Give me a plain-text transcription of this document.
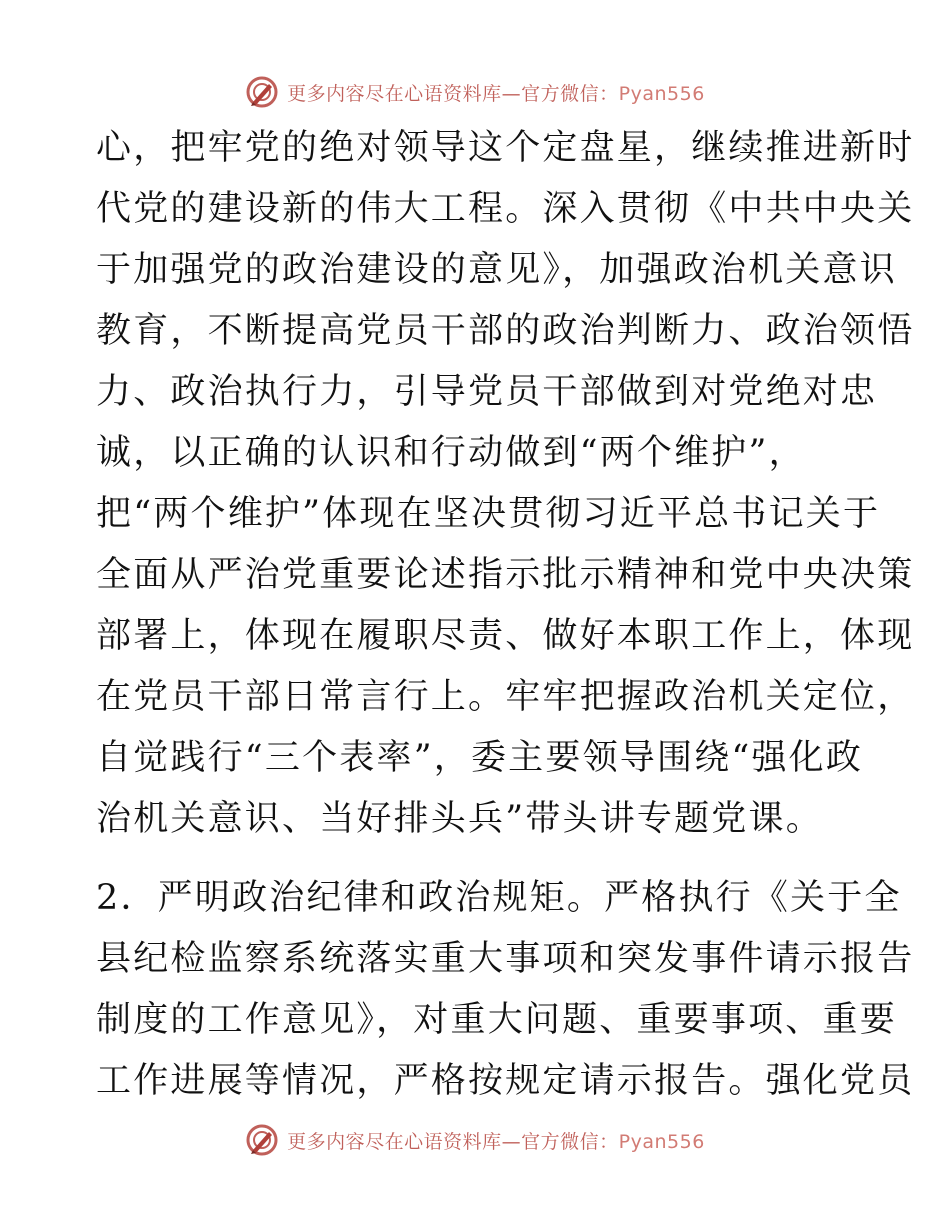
更多内容尽在心语资料库—官方微信：Pyan556
心，把牢党的绝对领导这个定盘星，继续推进新时
代党的建设新的伟大工程。深入贯彻《中共中央关
于加强党的政治建设的意见》，加强政治机关意识
教育，不断提高党员干部的政治判断力、政治领悟
力、政治执行力，引导党员干部做到对党绝对忠
诚，以正确的认识和行动做到“两个维护”，
把“两个维护”体现在坚决贯彻习近平总书记关于
全面从严治党重要论述指示批示精神和党中央决策
部署上，体现在履职尽责、做好本职工作上，体现
在党员干部日常言行上。牢牢把握政治机关定位，
自觉践行“三个表率”，委主要领导围绕“强化政
治机关意识、当好排头兵”带头讲专题党课。
2．严明政治纪律和政治规矩。严格执行《关于全
县纪检监察系统落实重大事项和突发事件请示报告
制度的工作意见》，对重大问题、重要事项、重要
工作进展等情况，严格按规定请示报告。强化党员
更多内容尽在心语资料库—官方微信：Pyan556
